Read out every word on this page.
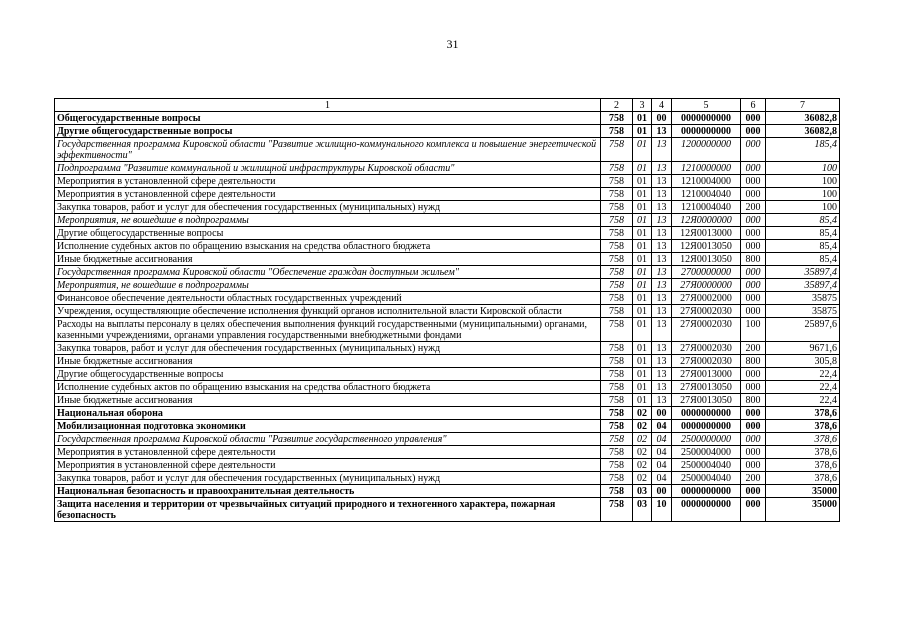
31
1	2	3	4	5	6	7
Общегосударственные вопросы	758	01	00	0000000000	000	36082,8
Другие общегосударственные вопросы	758	01	13	0000000000	000	36082,8
Государственная программа Кировской области "Развитие жилищно-коммунального комплекса и повышение энергетической эффективности"	758	01	13	1200000000	000	185,4
Подпрограмма "Развитие коммунальной и жилищной инфраструктуры Кировской области"	758	01	13	1210000000	000	100
Мероприятия в установленной сфере деятельности	758	01	13	1210004000	000	100
Мероприятия в установленной сфере деятельности	758	01	13	1210004040	000	100
Закупка товаров, работ и услуг для обеспечения государственных (муниципальных) нужд	758	01	13	1210004040	200	100
Мероприятия, не вошедшие в подпрограммы	758	01	13	12Я0000000	000	85,4
Другие общегосударственные вопросы	758	01	13	12Я0013000	000	85,4
Исполнение судебных актов по обращению взыскания на средства областного бюджета	758	01	13	12Я0013050	000	85,4
Иные бюджетные ассигнования	758	01	13	12Я0013050	800	85,4
Государственная программа Кировской области "Обеспечение граждан доступным жильем"	758	01	13	2700000000	000	35897,4
Мероприятия, не вошедшие в подпрограммы	758	01	13	27Я0000000	000	35897,4
Финансовое обеспечение деятельности областных государственных учреждений	758	01	13	27Я0002000	000	35875
Учреждения, осуществляющие обеспечение исполнения функций органов исполнительной власти Кировской области	758	01	13	27Я0002030	000	35875
Расходы на выплаты персоналу в целях обеспечения выполнения функций государственными (муниципальными) органами, казенными учреждениями, органами управления государственными внебюджетными фондами	758	01	13	27Я0002030	100	25897,6
Закупка товаров, работ и услуг для обеспечения государственных (муниципальных) нужд	758	01	13	27Я0002030	200	9671,6
Иные бюджетные ассигнования	758	01	13	27Я0002030	800	305,8
Другие общегосударственные вопросы	758	01	13	27Я0013000	000	22,4
Исполнение судебных актов по обращению взыскания на средства областного бюджета	758	01	13	27Я0013050	000	22,4
Иные бюджетные ассигнования	758	01	13	27Я0013050	800	22,4
Национальная оборона	758	02	00	0000000000	000	378,6
Мобилизационная подготовка экономики	758	02	04	0000000000	000	378,6
Государственная программа Кировской области "Развитие государственного управления"	758	02	04	2500000000	000	378,6
Мероприятия в установленной сфере деятельности	758	02	04	2500004000	000	378,6
Мероприятия в установленной сфере деятельности	758	02	04	2500004040	000	378,6
Закупка товаров, работ и услуг для обеспечения государственных (муниципальных) нужд	758	02	04	2500004040	200	378,6
Национальная безопасность и правоохранительная деятельность	758	03	00	0000000000	000	35000
Защита населения и территории от чрезвычайных ситуаций природного и техногенного характера, пожарная безопасность	758	03	10	0000000000	000	35000
